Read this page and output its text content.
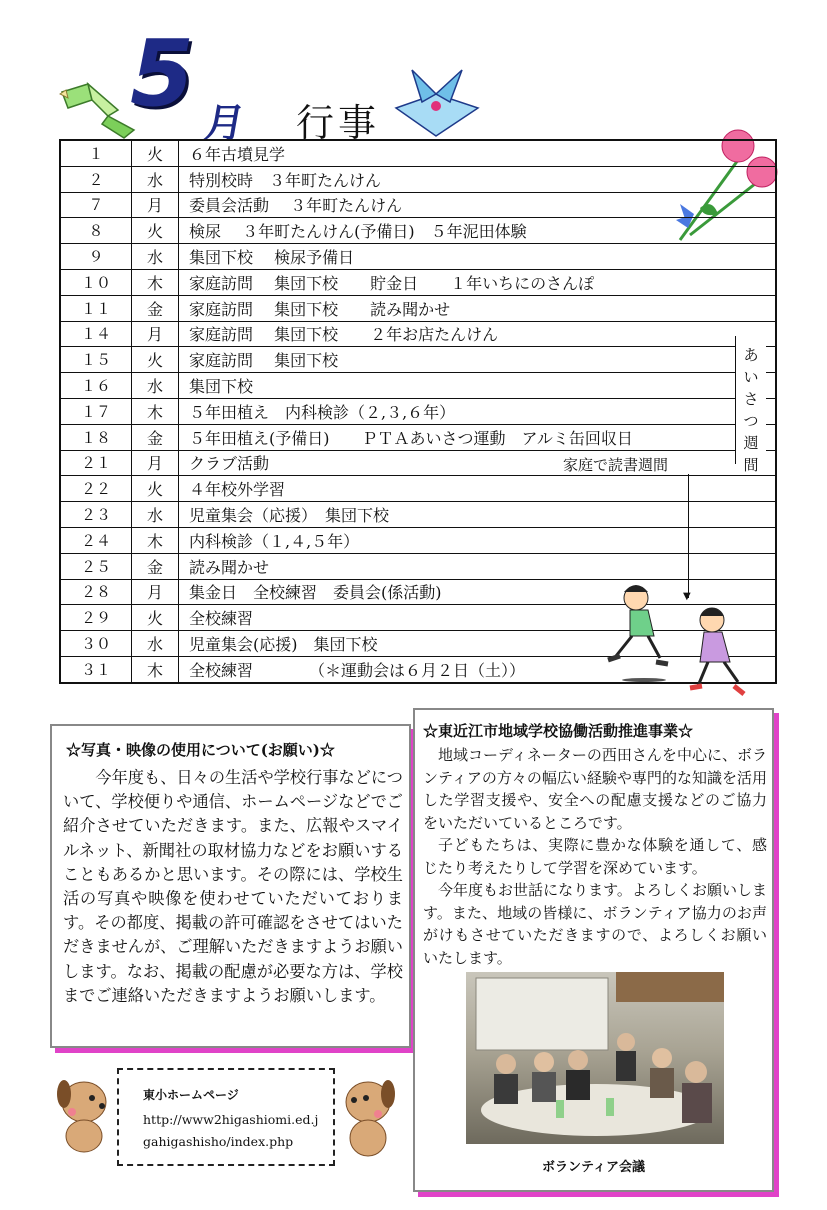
5 月 行事
１	火	６年古墳見学
２	水	特別校時　３年町たんけん
７	月	委員会活動　 ３年町たんけん
８	火	検尿　 ３年町たんけん(予備日)　５年泥田体験
９	水	集団下校　 検尿予備日
１０	木	家庭訪問　 集団下校　　貯金日　　１年いちにのさんぽ
１１	金	家庭訪問　 集団下校　　読み聞かせ
１４	月	家庭訪問　 集団下校　　２年お店たんけん
１５	火	家庭訪問　 集団下校
１６	水	集団下校
１７	木	５年田植え　内科検診（２,３,６年）
１８	金	５年田植え(予備日)　　ＰＴＡあいさつ運動　アルミ缶回収日
２１	月	クラブ活動
２２	火	４年校外学習
２３	水	児童集会（応援）　集団下校
２４	木	内科検診（１,４,５年）
２５	金	読み聞かせ
２８	月	集金日　全校練習　委員会(係活動)
２９	火	全校練習
３０	水	児童集会(応援)　集団下校
３１	木	全校練習　　　　（＊運動会は６月２日（土））
あいさつ週間
家庭で読書週間
▼
☆写真・映像の使用について(お願い)☆
今年度も、日々の生活や学校行事などについて、学校便りや通信、ホームページなどでご紹介させていただきます。また、広報やスマイルネット、新聞社の取材協力などをお願いすることもあるかと思います。その際には、学校生活の写真や映像を使わせていただいております。その都度、掲載の許可確認をさせてはいただきませんが、ご理解いただきますようお願いします。なお、掲載の配慮が必要な方は、学校までご連絡いただきますようお願いします。
☆東近江市地域学校協働活動推進事業☆
地域コーディネーターの西田さんを中心に、ボランティアの方々の幅広い経験や専門的な知識を活用した学習支援や、安全への配慮支援などのご協力をいただいているところです。
子どもたちは、実際に豊かな体験を通して、感じたり考えたりして学習を深めています。
今年度もお世話になります。よろしくお願いします。また、地域の皆様に、ボランティア協力のお声がけもさせていただきますので、よろしくお願いいたします。
ボランティア会議
東小ホームページ
http://www2higashiomi.ed.j
gahigashisho/index.php
